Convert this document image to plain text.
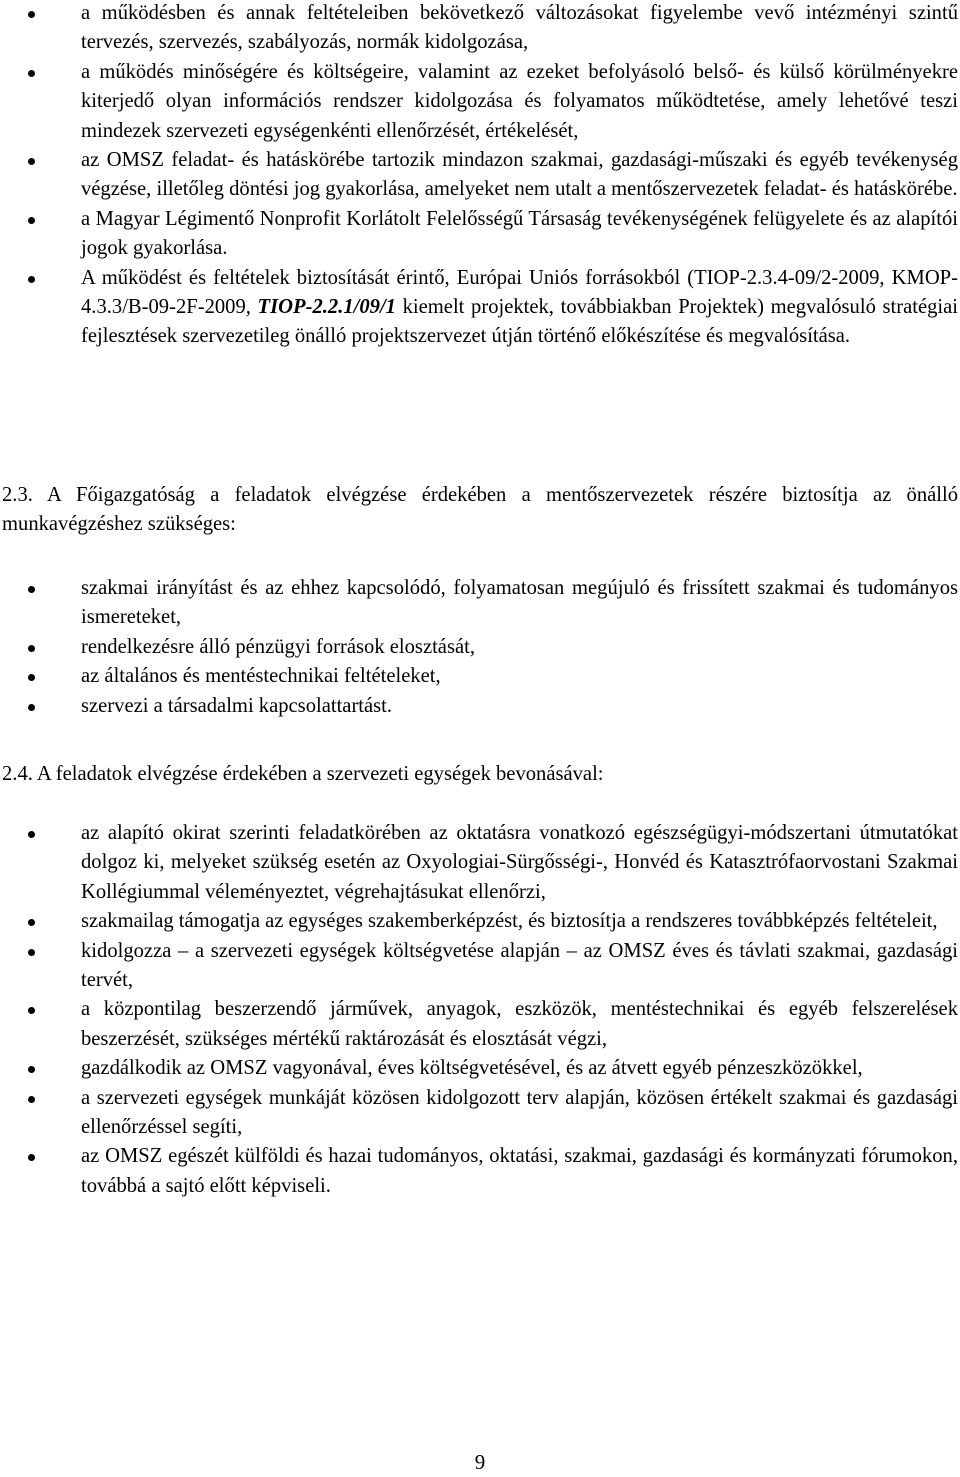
a működésben és annak feltételeiben bekövetkező változásokat figyelembe vevő intézményi szintű tervezés, szervezés, szabályozás, normák kidolgozása,
a működés minőségére és költségeire, valamint az ezeket befolyásoló belső- és külső körülményekre kiterjedő olyan információs rendszer kidolgozása és folyamatos működtetése, amely lehetővé teszi mindezek szervezeti egységenkénti ellenőrzését, értékelését,
az OMSZ feladat- és hatáskörébe tartozik mindazon szakmai, gazdasági-műszaki és egyéb tevékenység végzése, illetőleg döntési jog gyakorlása, amelyeket nem utalt a mentőszervezetek feladat- és hatáskörébe.
a Magyar Légimentő Nonprofit Korlátolt Felelősségű Társaság tevékenységének felügyelete és az alapítói jogok gyakorlása.
A működést és feltételek biztosítását érintő, Európai Uniós forrásokból (TIOP-2.3.4-09/2-2009, KMOP-4.3.3/B-09-2F-2009, TIOP-2.2.1/09/1 kiemelt projektek, továbbiakban Projektek) megvalósuló stratégiai fejlesztések szervezetileg önálló projektszervezet útján történő előkészítése és megvalósítása.

2.3. A Főigazgatóság a feladatok elvégzése érdekében a mentőszervezetek részére biztosítja az önálló munkavégzéshez szükséges:

szakmai irányítást és az ehhez kapcsolódó, folyamatosan megújuló és frissített szakmai és tudományos ismereteket,
rendelkezésre álló pénzügyi források elosztását,
az általános és mentéstechnikai feltételeket,
szervezi a társadalmi kapcsolattartást.

2.4. A feladatok elvégzése érdekében a szervezeti egységek bevonásával:

az alapító okirat szerinti feladatkörében az oktatásra vonatkozó egészségügyi-módszertani útmutatókat dolgoz ki, melyeket szükség esetén az Oxyologiai-Sürgősségi-, Honvéd és Katasztrófaorvostani Szakmai Kollégiummal véleményeztet, végrehajtásukat ellenőrzi,
szakmailag támogatja az egységes szakemberképzést, és biztosítja a rendszeres továbbképzés feltételeit,
kidolgozza – a szervezeti egységek költségvetése alapján – az OMSZ éves és távlati szakmai, gazdasági tervét,
a központilag beszerzendő járművek, anyagok, eszközök, mentéstechnikai és egyéb felszerelések beszerzését, szükséges mértékű raktározását és elosztását végzi,
gazdálkodik az OMSZ vagyonával, éves költségvetésével, és az átvett egyéb pénzeszközökkel,
a szervezeti egységek munkáját közösen kidolgozott terv alapján, közösen értékelt szakmai és gazdasági ellenőrzéssel segíti,
az OMSZ egészét külföldi és hazai tudományos, oktatási, szakmai, gazdasági és kormányzati fórumokon, továbbá a sajtó előtt képviseli.
9
